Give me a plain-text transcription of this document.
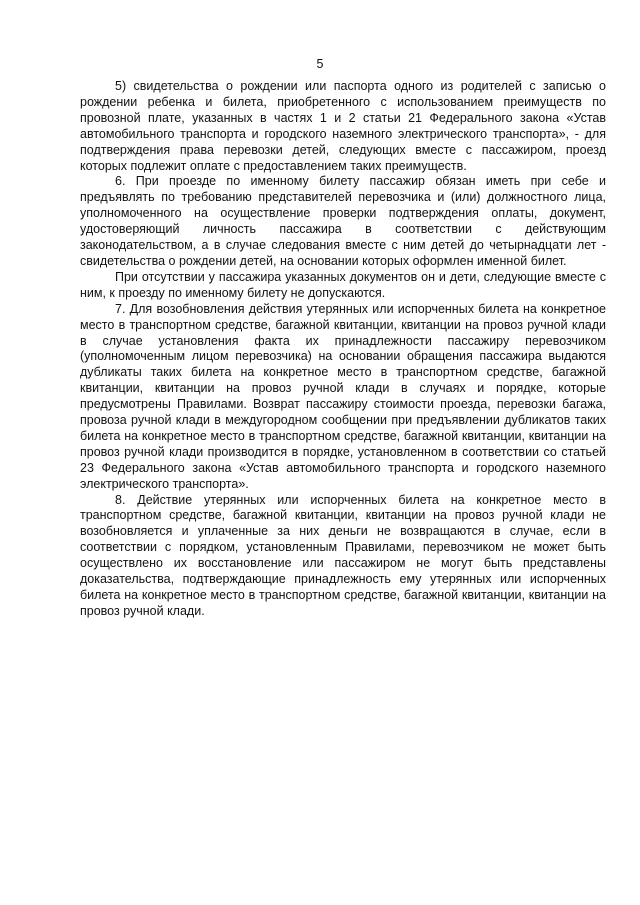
5

5) свидетельства о рождении или паспорта одного из родителей с записью о рождении ребенка и билета, приобретенного с использованием преимуществ по провозной плате, указанных в частях 1 и 2 статьи 21 Федерального закона «Устав автомобильного транспорта и городского наземного электрического транспорта», - для подтверждения права перевозки детей, следующих вместе с пассажиром, проезд которых подлежит оплате с предоставлением таких преимуществ.

6. При проезде по именному билету пассажир обязан иметь при себе и предъявлять по требованию представителей перевозчика и (или) должностного лица, уполномоченного на осуществление проверки подтверждения оплаты, документ, удостоверяющий личность пассажира в соответствии с действующим законодательством, а в случае следования вместе с ним детей до четырнадцати лет - свидетельства о рождении детей, на основании которых оформлен именной билет.

При отсутствии у пассажира указанных документов он и дети, следующие вместе с ним, к проезду по именному билету не допускаются.

7. Для возобновления действия утерянных или испорченных билета на конкретное место в транспортном средстве, багажной квитанции, квитанции на провоз ручной клади в случае установления факта их принадлежности пассажиру перевозчиком (уполномоченным лицом перевозчика) на основании обращения пассажира выдаются дубликаты таких билета на конкретное место в транспортном средстве, багажной квитанции, квитанции на провоз ручной клади в случаях и порядке, которые предусмотрены Правилами. Возврат пассажиру стоимости проезда, перевозки багажа, провоза ручной клади в междугородном сообщении при предъявлении дубликатов таких билета на конкретное место в транспортном средстве, багажной квитанции, квитанции на провоз ручной клади производится в порядке, установленном в соответствии со статьей 23 Федерального закона «Устав автомобильного транспорта и городского наземного электрического транспорта».

8. Действие утерянных или испорченных билета на конкретное место в транспортном средстве, багажной квитанции, квитанции на провоз ручной клади не возобновляется и уплаченные за них деньги не возвращаются в случае, если в соответствии с порядком, установленным Правилами, перевозчиком не может быть осуществлено их восстановление или пассажиром не могут быть представлены доказательства, подтверждающие принадлежность ему утерянных или испорченных билета на конкретное место в транспортном средстве, багажной квитанции, квитанции на провоз ручной клади.
